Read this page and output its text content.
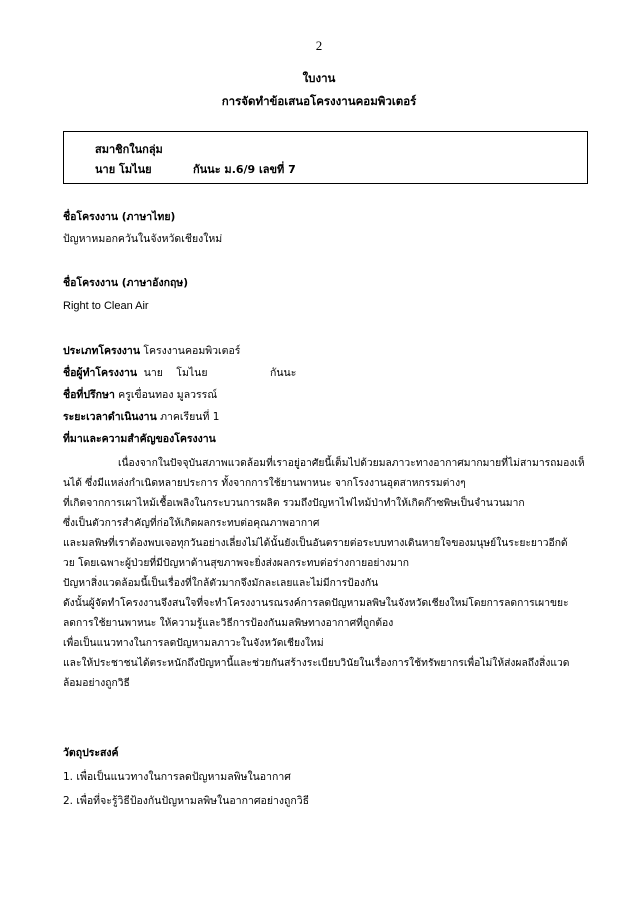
2
ใบงาน
การจัดทำข้อเสนอโครงงานคอมพิวเตอร์
สมาชิกในกลุ่ม
นาย โมไนย	กันนะ ม.6/9 เลขที่ 7
ชื่อโครงงาน (ภาษาไทย)
ปัญหาหมอกควันในจังหวัดเชียงใหม่
ชื่อโครงงาน (ภาษาอังกฤษ)
Right to Clean Air
ประเภทโครงงาน โครงงานคอมพิวเตอร์
ชื่อผู้ทำโครงงาน  นาย    โมไนย	กันนะ
ชื่อที่ปรึกษา ครูเขื่อนทอง มูลวรรณ์
ระยะเวลาดำเนินงาน ภาคเรียนที่ 1
ที่มาและความสำคัญของโครงงาน
เนื่องจากในปัจจุบันสภาพแวดล้อมที่เราอยู่อาศัยนี้เต็มไปด้วยมลภาวะทางอากาศมากมายที่ไม่สามารถมองเห็
นได้ ซึ่งมีแหล่งกำเนิดหลายประการ ทั้งจากการใช้ยานพาหนะ จากโรงงานอุตสาหกรรมต่างๆ
ที่เกิดจากการเผาไหม้เชื้อเพลิงในกระบวนการผลิต รวมถึงปัญหาไฟไหม้ป่าทำให้เกิดก๊าซพิษเป็นจำนวนมาก
ซึ่งเป็นตัวการสำคัญที่ก่อให้เกิดผลกระทบต่อคุณภาพอากาศ
และมลพิษที่เราต้องพบเจอทุกวันอย่างเลี่ยงไม่ได้นั้นยังเป็นอันตรายต่อระบบทางเดินหายใจของมนุษย์ในระยะยาวอีกด้
วย โดยเฉพาะผู้ป่วยที่มีปัญหาด้านสุขภาพจะยิ่งส่งผลกระทบต่อร่างกายอย่างมาก
ปัญหาสิ่งแวดล้อมนี้เป็นเรื่องที่ใกล้ตัวมากจึงมักละเลยและไม่มีการป้องกัน
ดังนั้นผู้จัดทำโครงงานจึงสนใจที่จะทำโครงงานรณรงค์การลดปัญหามลพิษในจังหวัดเชียงใหม่โดยการลดการเผาขยะ
ลดการใช้ยานพาหนะ ให้ความรู้และวิธีการป้องกันมลพิษทางอากาศที่ถูกต้อง
เพื่อเป็นแนวทางในการลดปัญหามลภาวะในจังหวัดเชียงใหม่
และให้ประชาชนได้ตระหนักถึงปัญหานี้และช่วยกันสร้างระเบียบวินัยในเรื่องการใช้ทรัพยากรเพื่อไม่ให้ส่งผลถึงสิ่งแวด
ล้อมอย่างถูกวิธี
วัตถุประสงค์
1. เพื่อเป็นแนวทางในการลดปัญหามลพิษในอากาศ
2. เพื่อที่จะรู้วิธีป้องกันปัญหามลพิษในอากาศอย่างถูกวิธี
